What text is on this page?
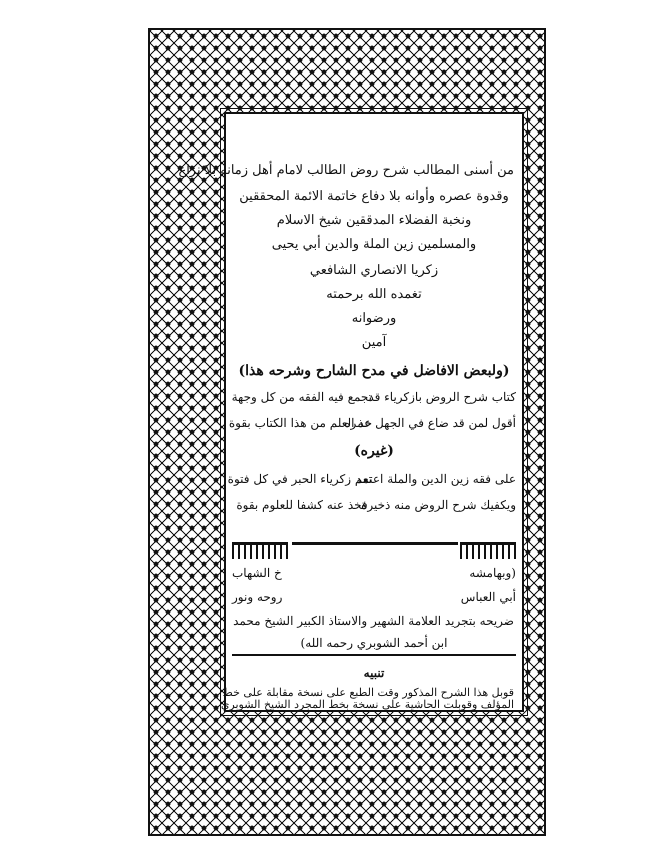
من أسنى المطالب شرح روض الطالب لامام أهل زمانه بلا نزاع
وقدوة عصره وأوانه بلا دفاع خاتمة الائمة المحققين
ونخبة الفضلاء المدققين شيخ الاسلام
والمسلمين زين الملة والدين أبي يحيى
زكريا الانصاري الشافعي
تغمده الله برحمته
ورضوانه
آمين
(ولبعض الافاضل في مدح الشارح وشرحه هذا)
كتاب شرح الروض بازكرياء قد
تجمع فيه الفقه من كل وجهة
أقول لمن قد ضاع في الجهل عمره
خذ العلم من هذا الكتاب بقوة
(غيره)
على فقه زين الدين والملة اعتمد
تعم زكرياء الحبر في كل فتوة
ويكفيك شرح الروض منه ذخيرة
فخذ عنه كشفا للعلوم بقوة
(وبهامشه
خ الشهاب
أبي العباس
روحه ونور
ضريحه بتجريد العلامة الشهير والاستاذ الكبير الشيخ محمد
ابن أحمد الشوبري رحمه الله)
تنبيه
قوبل هذا الشرح المذكور وقت الطبع على نسخة مقابلة على خط
المؤلف وقوبلت الحاشية على نسخة بخط المجرد الشيخ الشوبري
